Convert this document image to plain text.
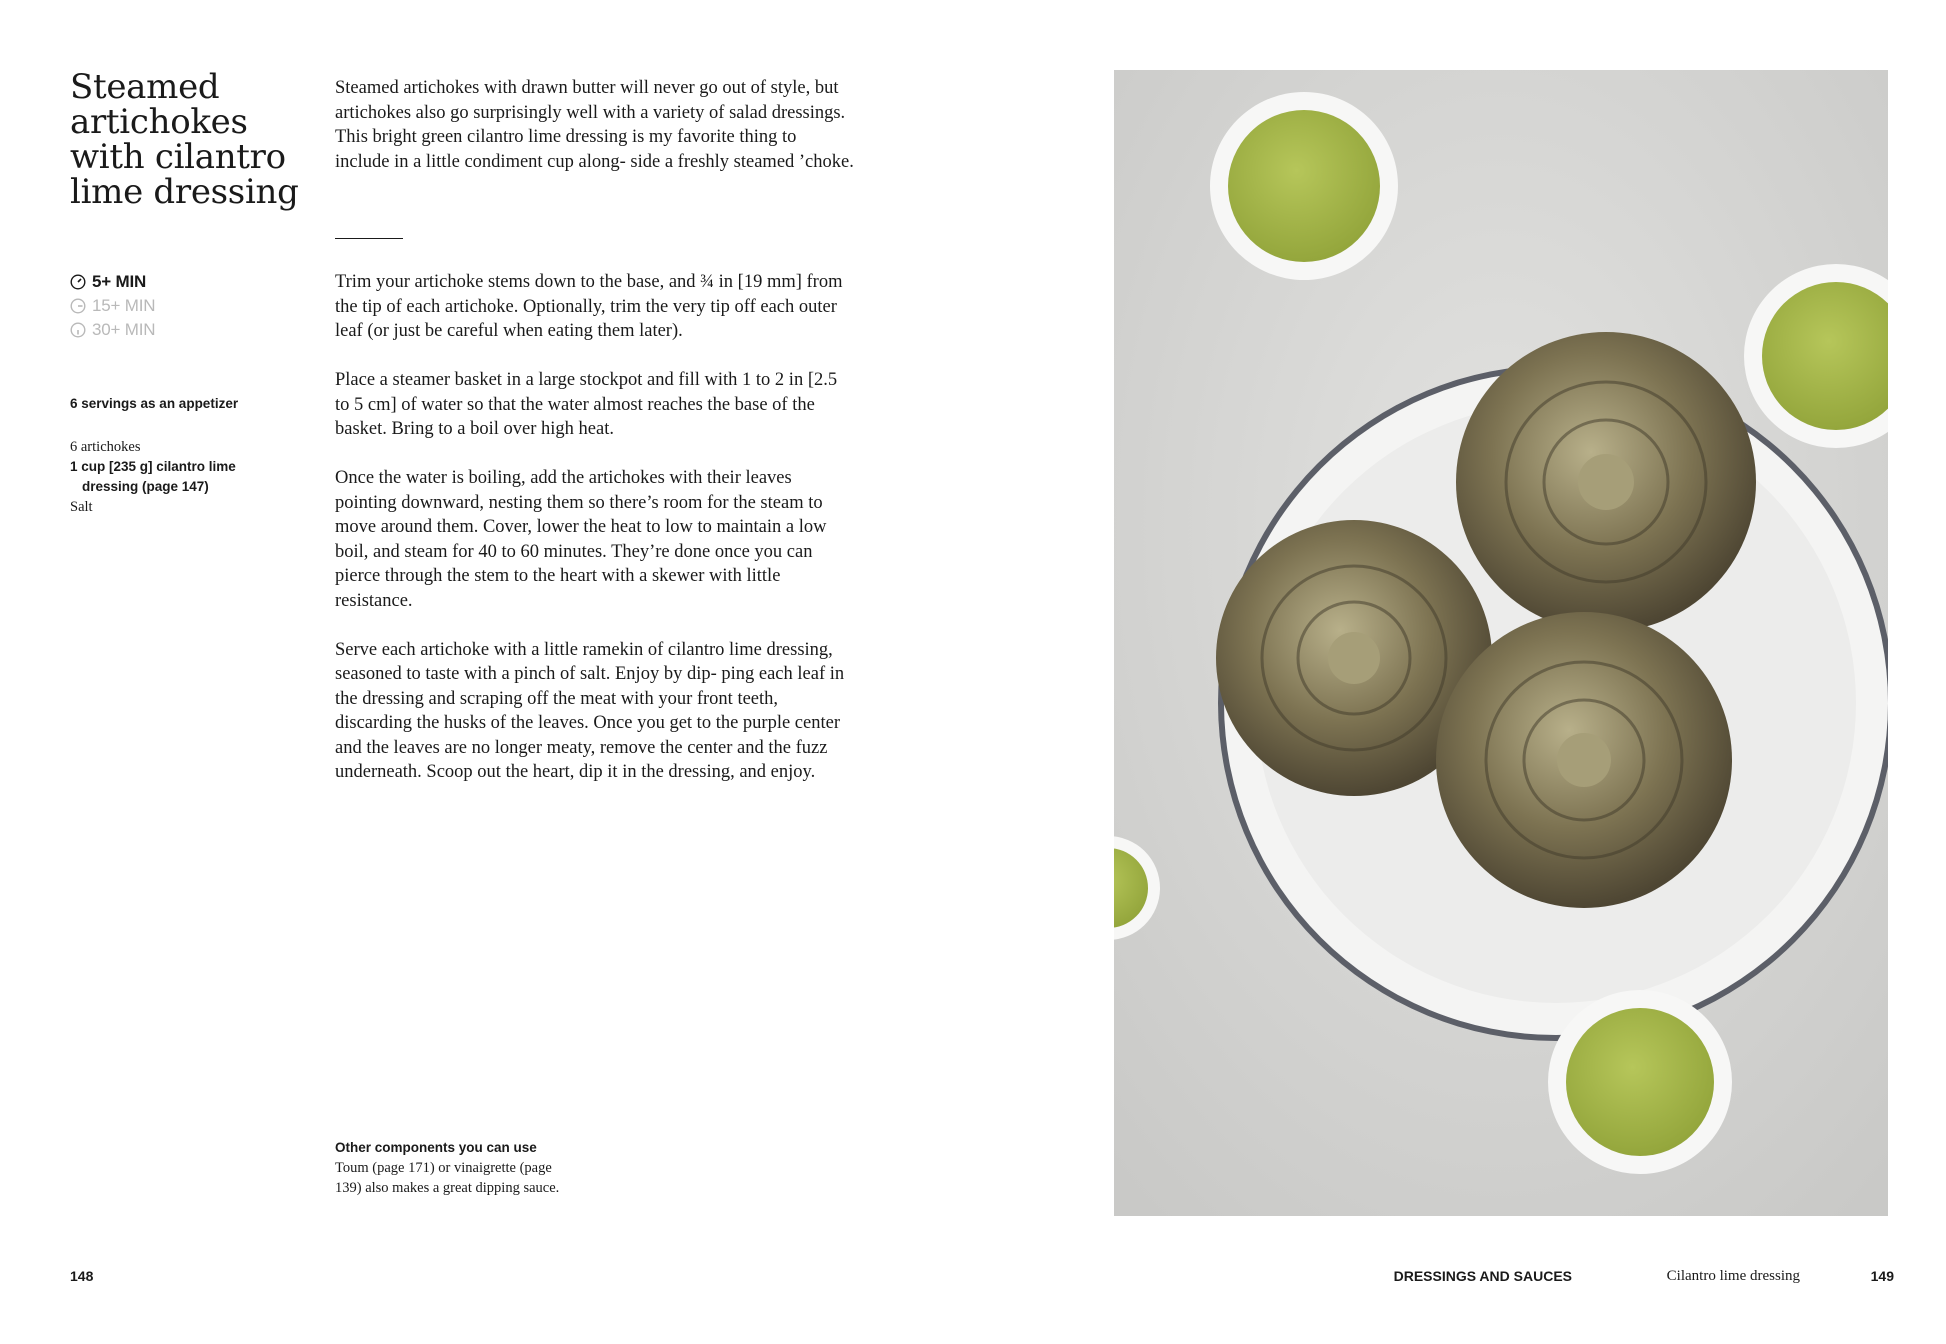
Steamed artichokes with cilantro lime dressing

Steamed artichokes with drawn butter will never go out of style, but artichokes also go surprisingly well with a variety of salad dressings. This bright green cilantro lime dressing is my favorite thing to include in a little condiment cup along- side a freshly steamed ’choke.

5+ MIN
15+ MIN
30+ MIN
6 servings as an appetizer
6 artichokes
1 cup [235 g] cilantro lime dressing (page 147)
Salt

Trim your artichoke stems down to the base, and ¾ in [19 mm] from the tip of each artichoke. Optionally, trim the very tip off each outer leaf (or just be careful when eating them later).

Place a steamer basket in a large stockpot and fill with 1 to 2 in [2.5 to 5 cm] of water so that the water almost reaches the base of the basket. Bring to a boil over high heat.

Once the water is boiling, add the artichokes with their leaves pointing downward, nesting them so there’s room for the steam to move around them. Cover, lower the heat to low to maintain a low boil, and steam for 40 to 60 minutes. They’re done once you can pierce through the stem to the heart with a skewer with little resistance.

Serve each artichoke with a little ramekin of cilantro lime dressing, seasoned to taste with a pinch of salt. Enjoy by dip- ping each leaf in the dressing and scraping off the meat with your front teeth, discarding the husks of the leaves. Once you get to the purple center and the leaves are no longer meaty, remove the center and the fuzz underneath. Scoop out the heart, dip it in the dressing, and enjoy.

Other components you can use
Toum (page 171) or vinaigrette (page 139) also makes a great dipping sauce.
148	DRESSINGS AND SAUCES	Cilantro lime dressing	149
